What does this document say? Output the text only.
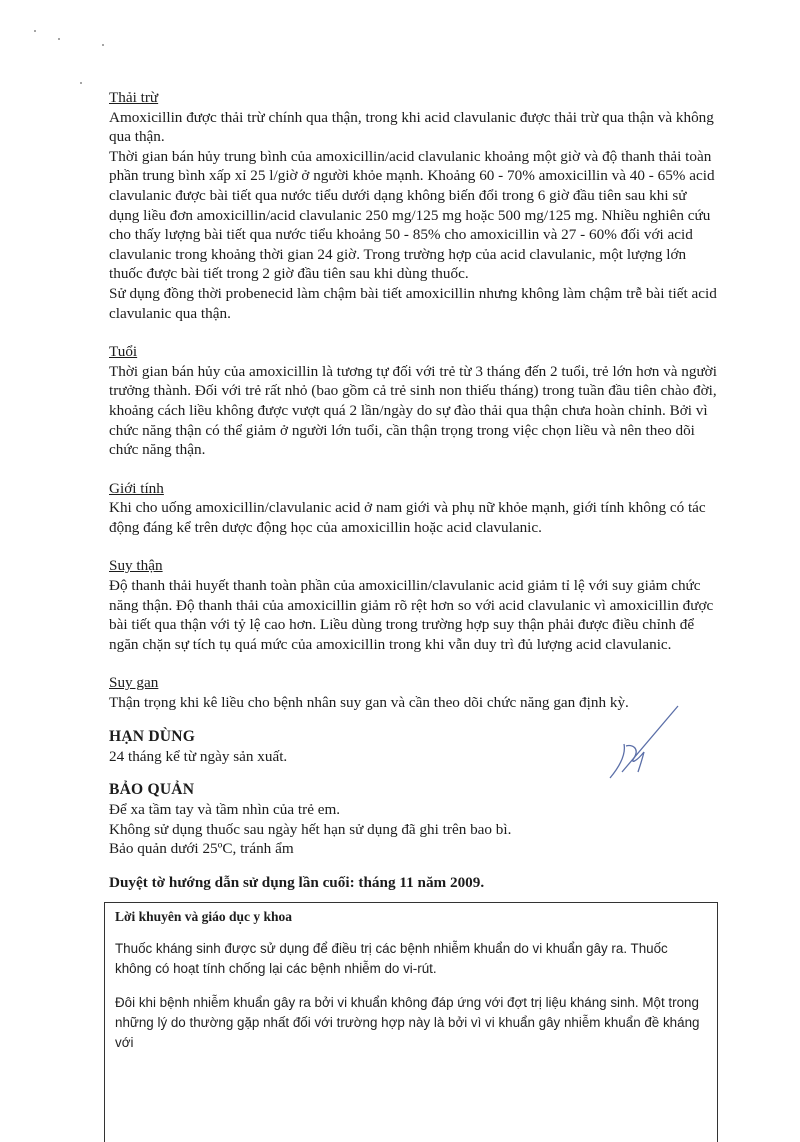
Thải trừ

Amoxicillin được thải trừ chính qua thận, trong khi acid clavulanic được thải trừ qua thận và không qua thận.

Thời gian bán hủy trung bình của amoxicillin/acid clavulanic khoảng một giờ và độ thanh thải toàn phần trung bình xấp xỉ 25 l/giờ ở người khỏe mạnh. Khoảng 60 - 70% amoxicillin và 40 - 65% acid clavulanic được bài tiết qua nước tiểu dưới dạng không biến đổi trong 6 giờ đầu tiên sau khi sử dụng liều đơn amoxicillin/acid clavulanic 250 mg/125 mg hoặc 500 mg/125 mg. Nhiều nghiên cứu cho thấy lượng bài tiết qua nước tiểu khoảng 50 - 85% cho amoxicillin và 27 - 60% đối với acid clavulanic trong khoảng thời gian 24 giờ. Trong trường hợp của acid clavulanic, một lượng lớn thuốc được bài tiết trong 2 giờ đầu tiên sau khi dùng thuốc.

Sử dụng đồng thời probenecid làm chậm bài tiết amoxicillin nhưng không làm chậm trễ bài tiết acid clavulanic qua thận.

Tuổi

Thời gian bán hủy của amoxicillin là tương tự đối với trẻ từ 3 tháng đến 2 tuổi, trẻ lớn hơn và người trưởng thành. Đối với trẻ rất nhỏ (bao gồm cả trẻ sinh non thiếu tháng) trong tuần đầu tiên chào đời, khoảng cách liều không được vượt quá 2 lần/ngày do sự đào thải qua thận chưa hoàn chỉnh. Bởi vì chức năng thận có thể giảm ở người lớn tuổi, cần thận trọng trong việc chọn liều và nên theo dõi chức năng thận.

Giới tính

Khi cho uống amoxicillin/clavulanic acid ở nam giới và phụ nữ khỏe mạnh, giới tính không có tác động đáng kể trên dược động học của amoxicillin hoặc acid clavulanic.

Suy thận

Độ thanh thải huyết thanh toàn phần của amoxicillin/clavulanic acid giảm tỉ lệ với suy giảm chức năng thận. Độ thanh thải của amoxicillin giảm rõ rệt hơn so với acid clavulanic vì amoxicillin được bài tiết qua thận với tỷ lệ cao hơn. Liều dùng trong trường hợp suy thận phải được điều chỉnh để ngăn chặn sự tích tụ quá mức của amoxicillin trong khi vẫn duy trì đủ lượng acid clavulanic.

Suy gan

Thận trọng khi kê liều cho bệnh nhân suy gan và cần theo dõi chức năng gan định kỳ.

HẠN DÙNG

24 tháng kể từ ngày sản xuất.

BẢO QUẢN

Để xa tầm tay và tầm nhìn của trẻ em.

Không sử dụng thuốc sau ngày hết hạn sử dụng đã ghi trên bao bì.

Bảo quản dưới 25ºC, tránh ẩm

Duyệt tờ hướng dẫn sử dụng lần cuối: tháng 11 năm 2009.

Lời khuyên và giáo dục y khoa

Thuốc kháng sinh được sử dụng để điều trị các bệnh nhiễm khuẩn do vi khuẩn gây ra. Thuốc không có hoạt tính chống lại các bệnh nhiễm do vi-rút.

Đôi khi bệnh nhiễm khuẩn gây ra bởi vi khuẩn không đáp ứng với đợt trị liệu kháng sinh. Một trong những lý do thường gặp nhất đối với trường hợp này là bởi vì vi khuẩn gây nhiễm khuẩn đề kháng với
